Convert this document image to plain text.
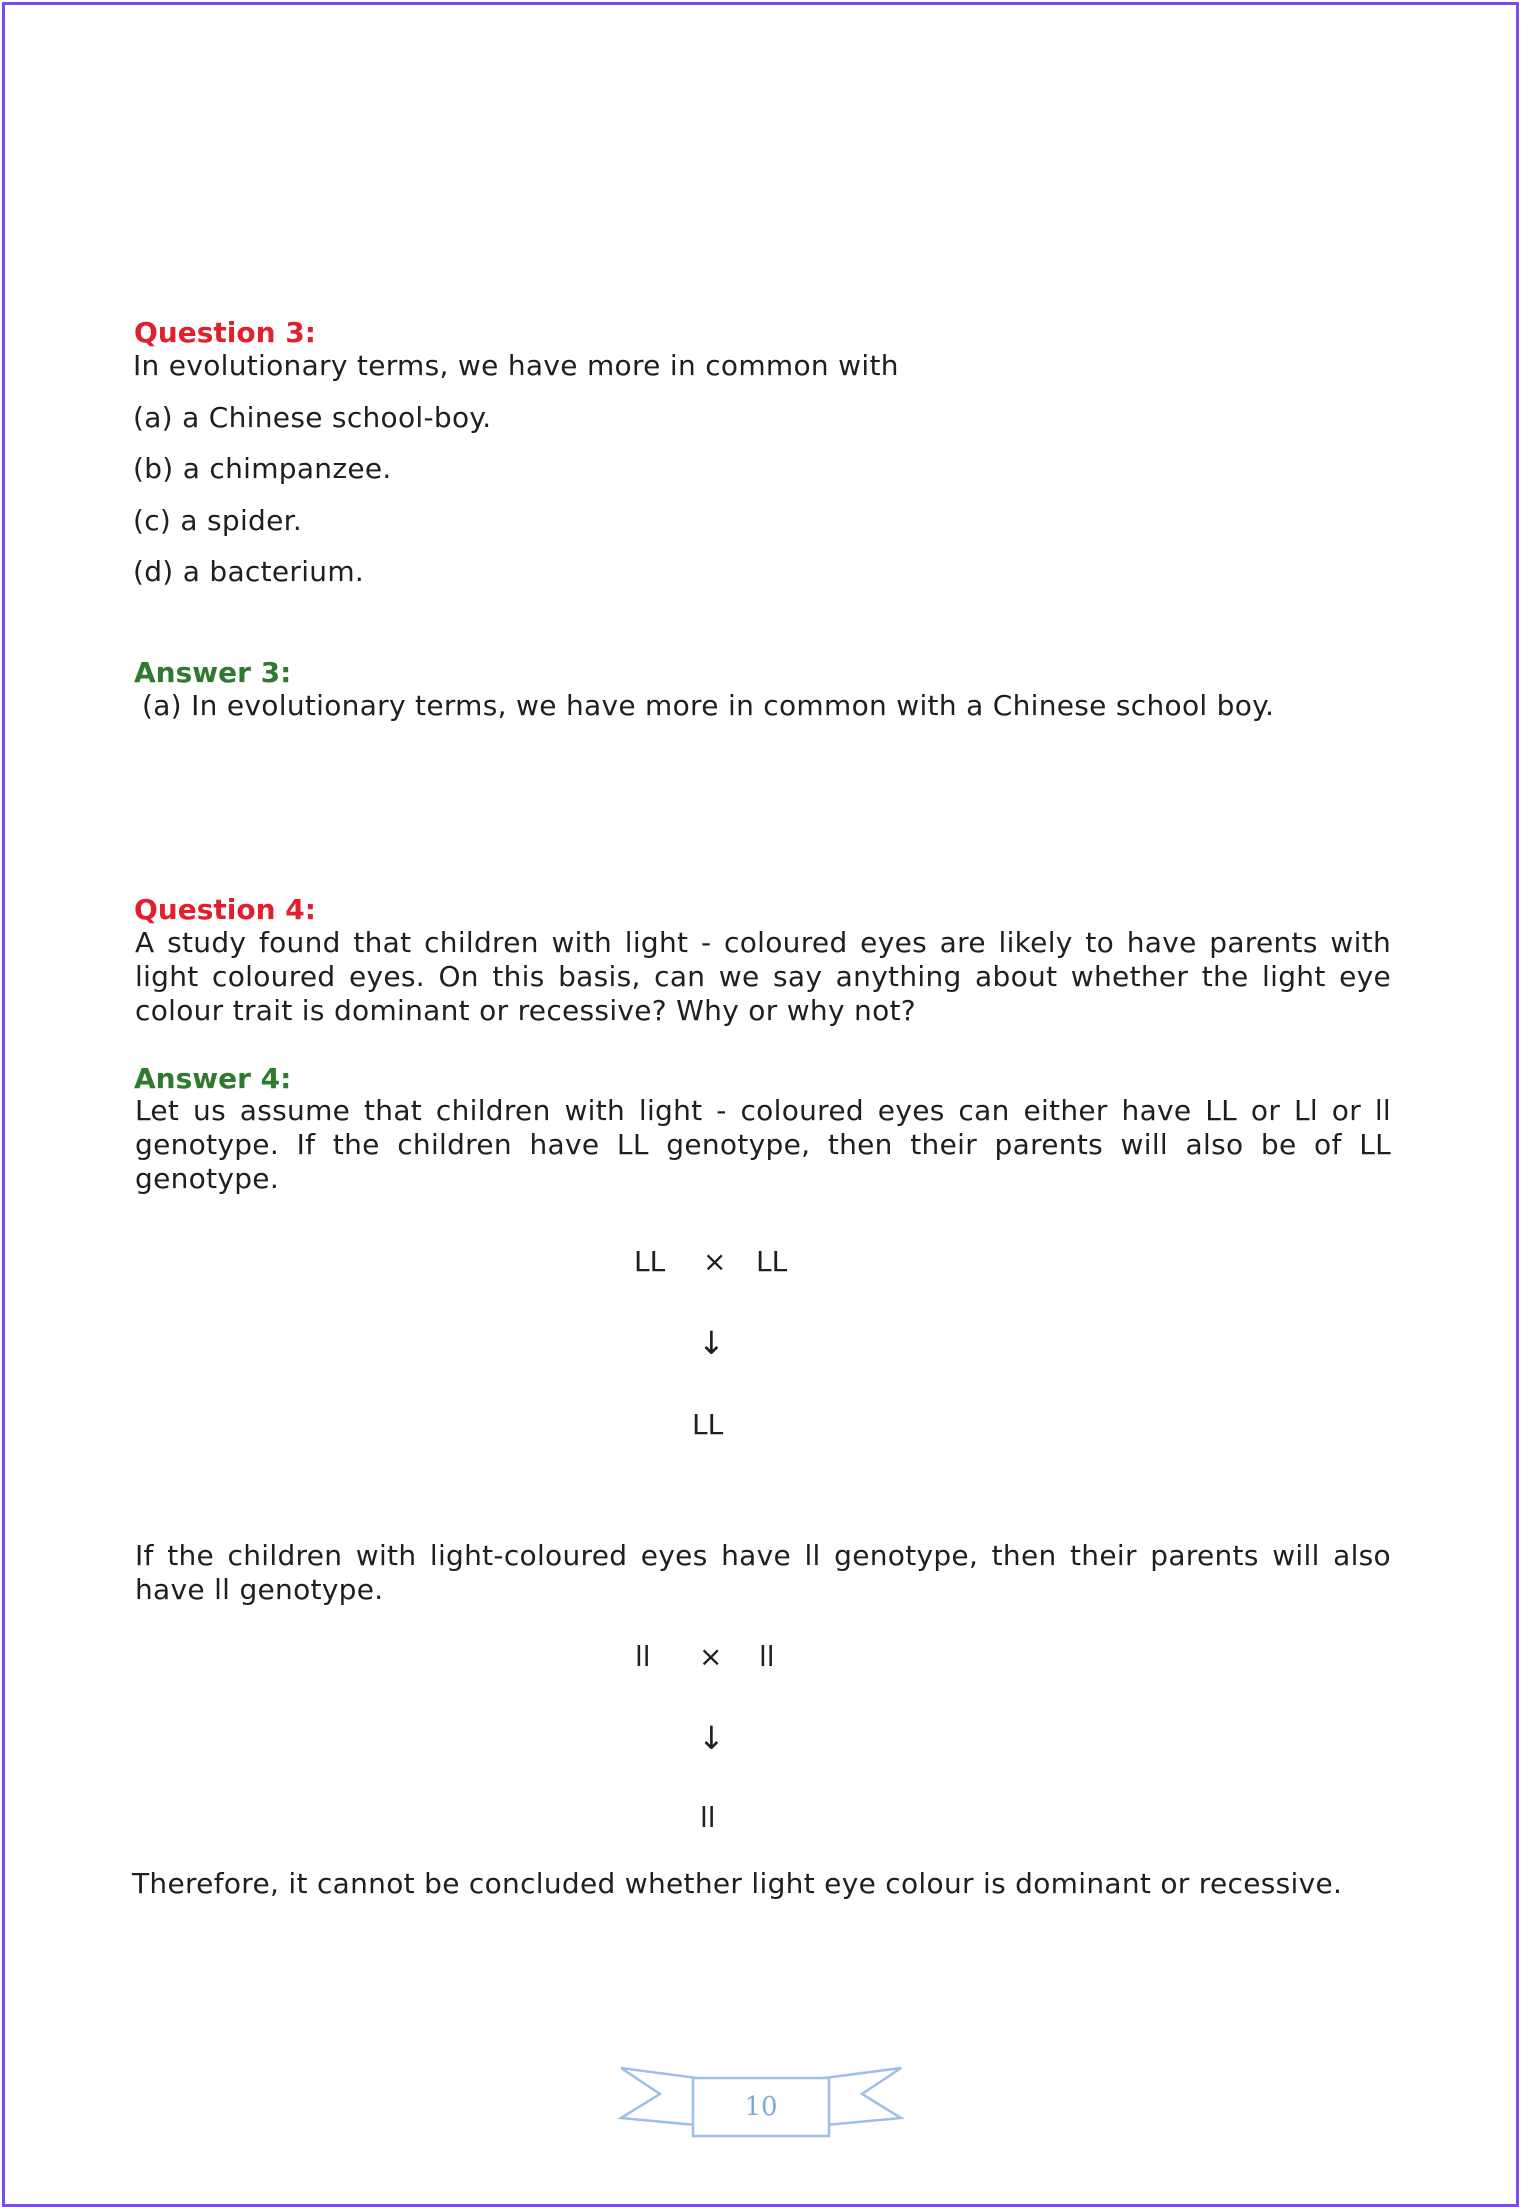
Question 3:
In evolutionary terms, we have more in common with
(a) a Chinese school-boy.
(b) a chimpanzee.
(c) a spider.
(d) a bacterium.
Answer 3:
(a) In evolutionary terms, we have more in common with a Chinese school boy.
Question 4:
A study found that children with light - coloured eyes are likely to have parents with light coloured eyes. On this basis, can we say anything about whether the light eye colour trait is dominant or recessive? Why or why not?
Answer 4:
Let us assume that children with light - coloured eyes can either have LL or Ll or ll genotype. If the children have LL genotype, then their parents will also be of LL genotype.
LL × LL
↓
LL
If the children with light-coloured eyes have ll genotype, then their parents will also have ll genotype.
ll × ll
↓
ll
Therefore, it cannot be concluded whether light eye colour is dominant or recessive.
10
